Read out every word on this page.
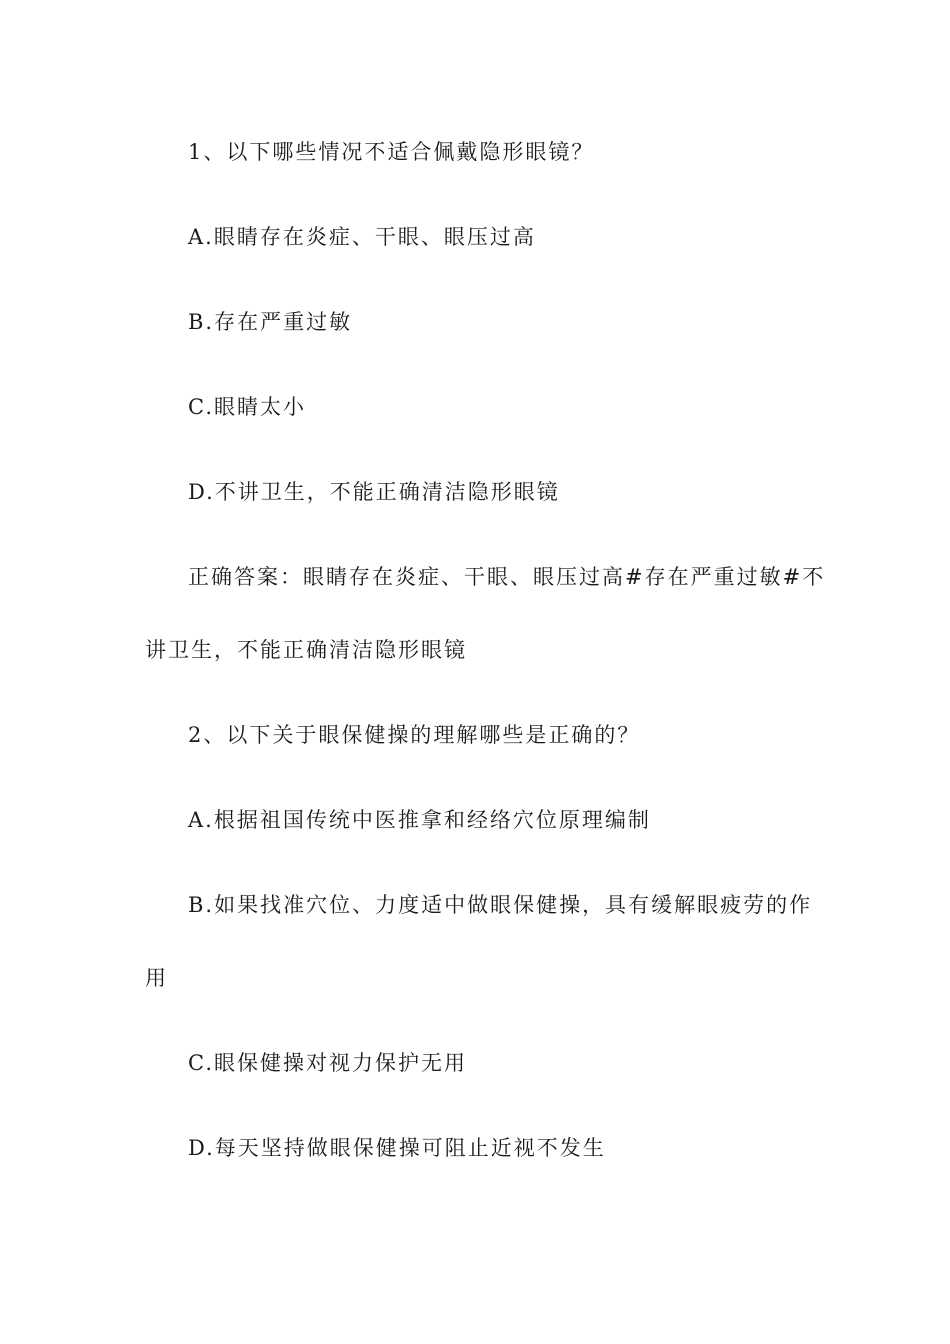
1、以下哪些情况不适合佩戴隐形眼镜？
A.眼睛存在炎症、干眼、眼压过高
B.存在严重过敏
C.眼睛太小
D.不讲卫生，不能正确清洁隐形眼镜
正确答案：眼睛存在炎症、干眼、眼压过高#存在严重过敏#不
讲卫生，不能正确清洁隐形眼镜
2、以下关于眼保健操的理解哪些是正确的？
A.根据祖国传统中医推拿和经络穴位原理编制
B.如果找准穴位、力度适中做眼保健操，具有缓解眼疲劳的作
用
C.眼保健操对视力保护无用
D.每天坚持做眼保健操可阻止近视不发生
